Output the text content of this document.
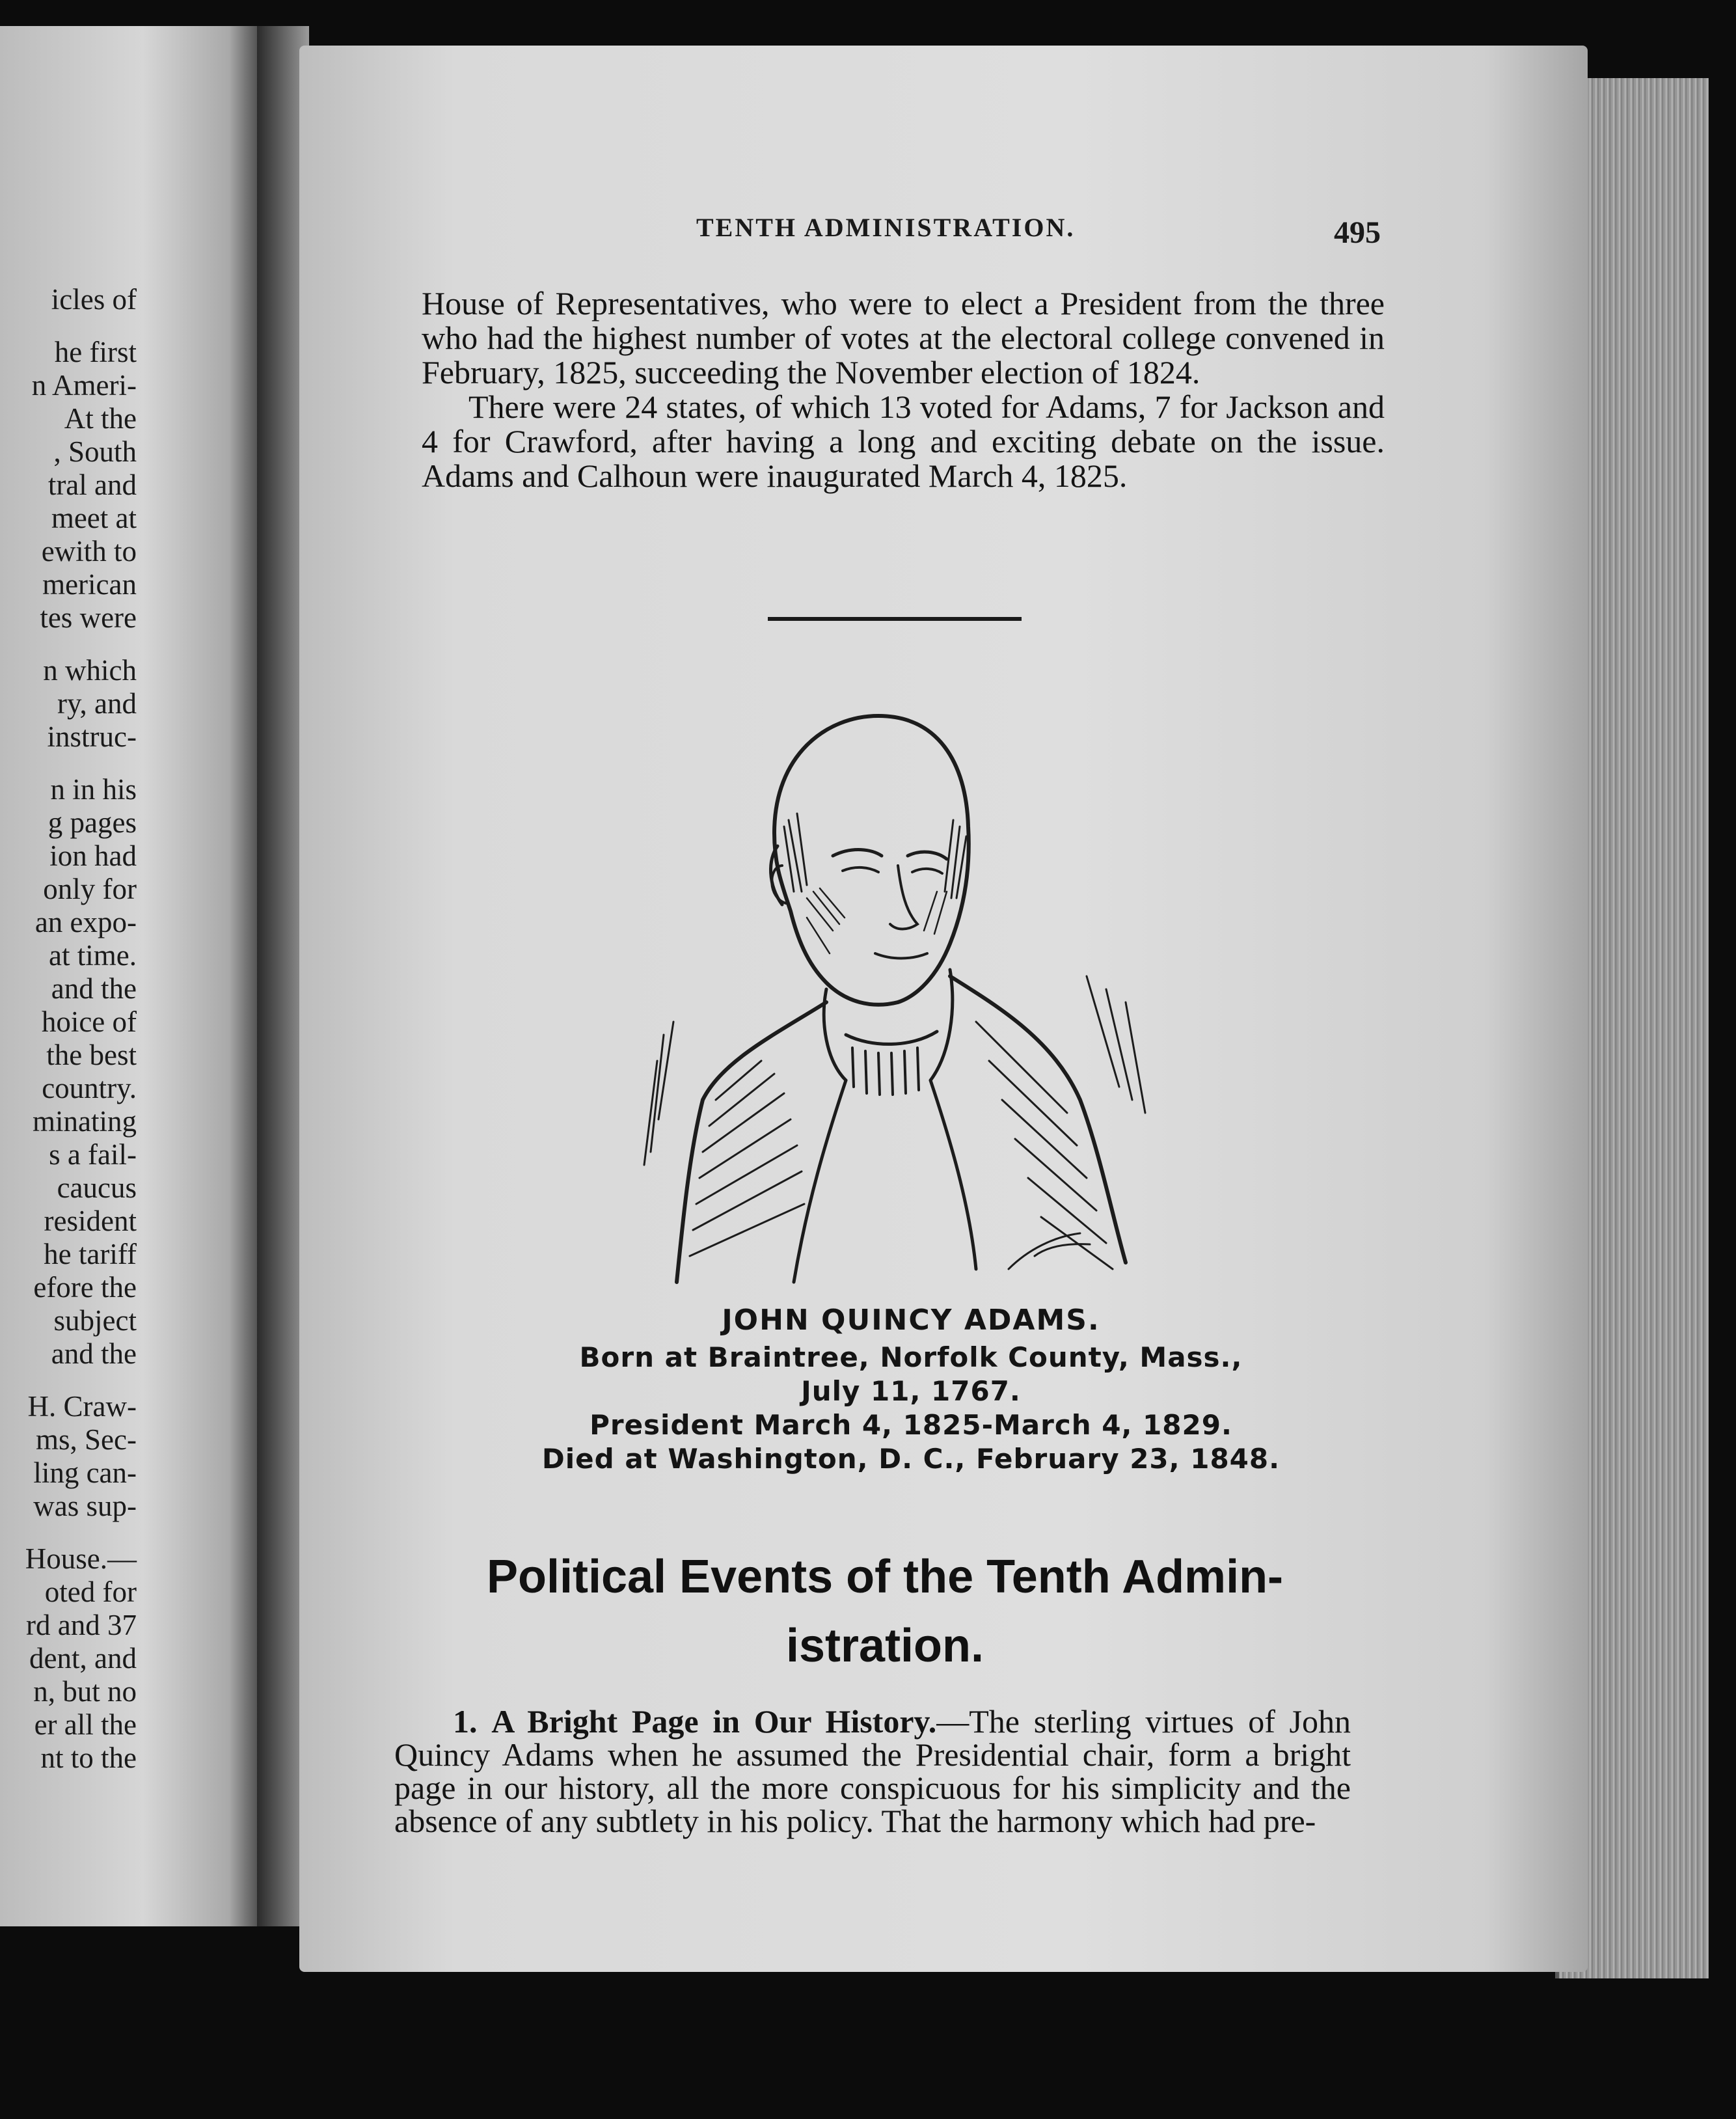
icles of
he first
n Ameri-
At the
, South
tral and
meet at
ewith to
merican
tes were
n which
ry, and
instruc-
n in his
g pages
ion had
only for
an expo-
at time.
and the
hoice of
the best
country.
minating
s a fail-
caucus
resident
he tariff
efore the
subject
and the
H. Craw-
ms, Sec-
ling can-
was sup-
House.—
oted for
rd and 37
dent, and
n, but no
er all the
nt to the
TENTH ADMINISTRATION.	495

House of Representatives, who were to elect a President from the three who had the highest number of votes at the electoral college convened in February, 1825, succeeding the November election of 1824.

There were 24 states, of which 13 voted for Adams, 7 for Jackson and 4 for Crawford, after having a long and exciting debate on the issue. Adams and Calhoun were inaugurated March 4, 1825.

JOHN QUINCY ADAMS.
Born at Braintree, Norfolk County, Mass.,
July 11, 1767.
President March 4, 1825-March 4, 1829.
Died at Washington, D. C., February 23, 1848.
Political Events of the Tenth Admin-
istration.
1. A Bright Page in Our History.—The sterling virtues of John Quincy Adams when he assumed the Presidential chair, form a bright page in our history, all the more conspicuous for his simplicity and the absence of any subtlety in his policy. That the harmony which had pre-
